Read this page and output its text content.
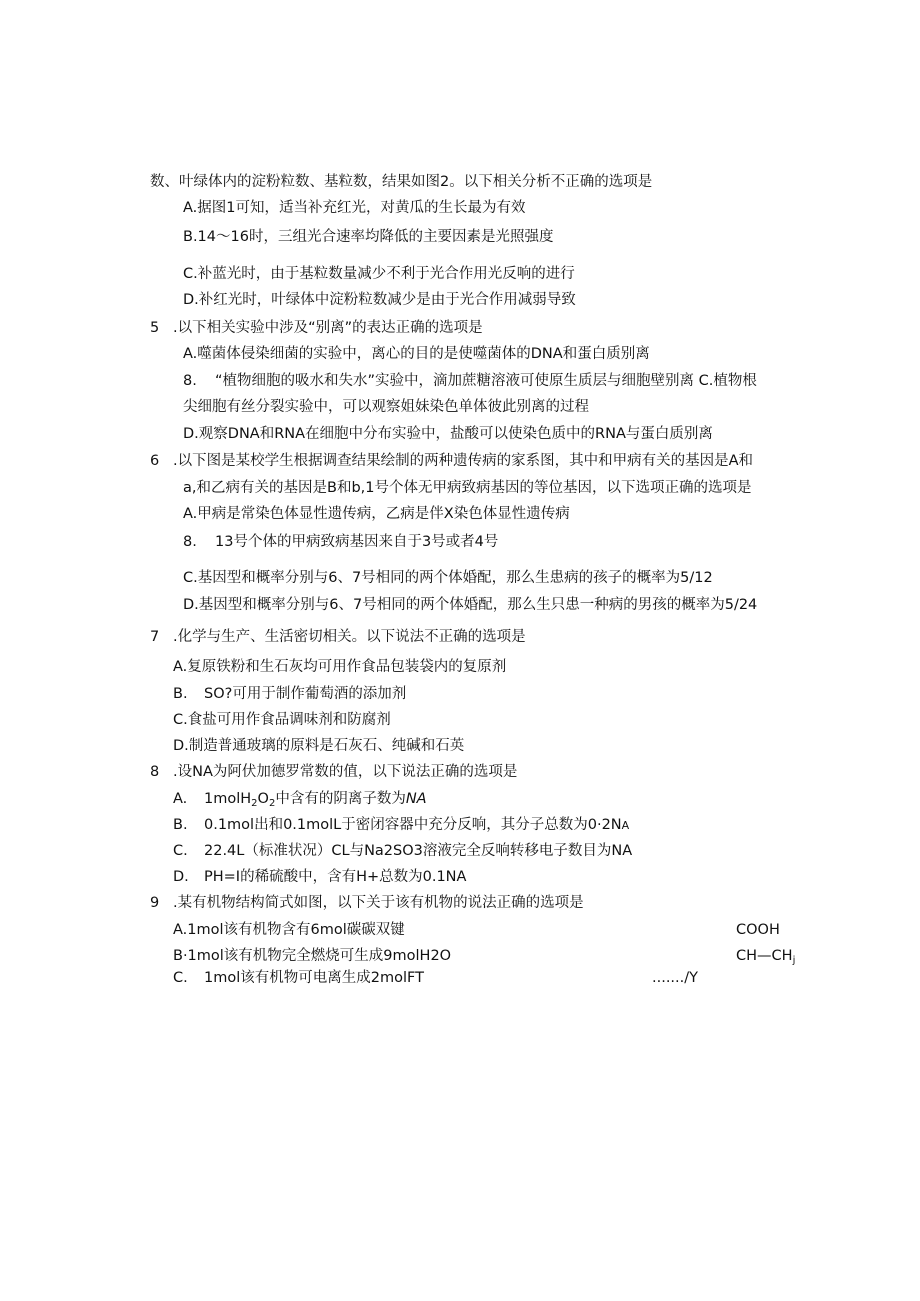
数、叶绿体内的淀粉粒数、基粒数，结果如图2。以下相关分析不正确的选项是
A.据图1可知，适当补充红光，对黄瓜的生长最为有效
B.14〜16时，三组光合速率均降低的主要因素是光照强度
C.补蓝光时，由于基粒数量减少不利于光合作用光反响的进行
D.补红光时，叶绿体中淀粉粒数减少是由于光合作用减弱导致
5 .以下相关实验中涉及“别离”的表达正确的选项是
A.噬菌体侵染细菌的实验中，离心的目的是使噬菌体的DNA和蛋白质别离
8. “植物细胞的吸水和失水”实验中，滴加蔗糖溶液可使原生质层与细胞壁别离 C.植物根
尖细胞有丝分裂实验中，可以观察姐妹染色单体彼此别离的过程
D.观察DNA和RNA在细胞中分布实验中，盐酸可以使染色质中的RNA与蛋白质别离
6 .以下图是某校学生根据调查结果绘制的两种遗传病的家系图，其中和甲病有关的基因是A和
a,和乙病有关的基因是B和b,1号个体无甲病致病基因的等位基因，以下选项正确的选项是
A.甲病是常染色体显性遗传病，乙病是伴X染色体显性遗传病
8. 13号个体的甲病致病基因来自于3号或者4号
C.基因型和概率分别与6、7号相同的两个体婚配，那么生患病的孩子的概率为5/12
D.基因型和概率分别与6、7号相同的两个体婚配，那么生只患一种病的男孩的概率为5/24
7 .化学与生产、生活密切相关。以下说法不正确的选项是
A.复原铁粉和生石灰均可用作食品包装袋内的复原剂
B. SO?可用于制作葡萄酒的添加剂
C.食盐可用作食品调味剂和防腐剂
D.制造普通玻璃的原料是石灰石、纯碱和石英
8 .设NA为阿伏加德罗常数的值，以下说法正确的选项是
A. $1molH_2O_2$中含有的阴离子数为NA
B. 0.1mol出和0.1molL于密闭容器中充分反响，其分子总数为0·2NA
C. 22.4L（标准状况）CL与Na2SO3溶液完全反响转移电子数目为NA
D. PH=I的稀硫酸中，含有H+总数为0.1NA
9 .某有机物结构简式如图，以下关于该有机物的说法正确的选项是
A.1mol该有机物含有6mol碳碳双键
B·1mol该有机物完全燃烧可生成9molH2O
C. 1mol该有机物可电离生成2molFT
COOH
$CH—CH_j$
......./Y
